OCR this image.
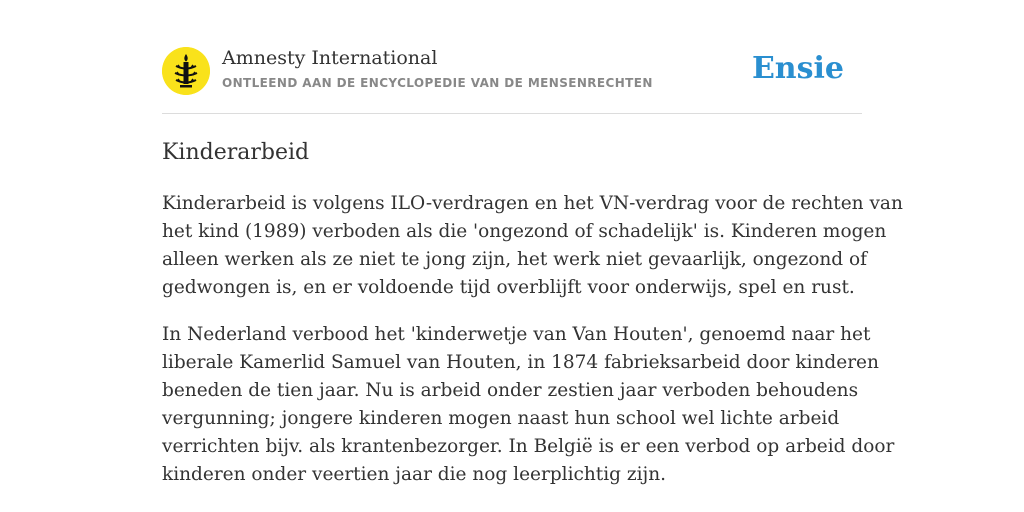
Amnesty International
ONTLEEND AAN DE ENCYCLOPEDIE VAN DE MENSENRECHTEN	Ensie
Kinderarbeid

Kinderarbeid is volgens ILO-verdragen en het VN-verdrag voor de rechten van
het kind (1989) verboden als die 'ongezond of schadelijk' is. Kinderen mogen
alleen werken als ze niet te jong zijn, het werk niet gevaarlijk, ongezond of
gedwongen is, en er voldoende tijd overblijft voor onderwijs, spel en rust.

In Nederland verbood het 'kinderwetje van Van Houten', genoemd naar het
liberale Kamerlid Samuel van Houten, in 1874 fabrieksarbeid door kinderen
beneden de tien jaar. Nu is arbeid onder zestien jaar verboden behoudens
vergunning; jongere kinderen mogen naast hun school wel lichte arbeid
verrichten bijv. als krantenbezorger. In België is er een verbod op arbeid door
kinderen onder veertien jaar die nog leerplichtig zijn.
